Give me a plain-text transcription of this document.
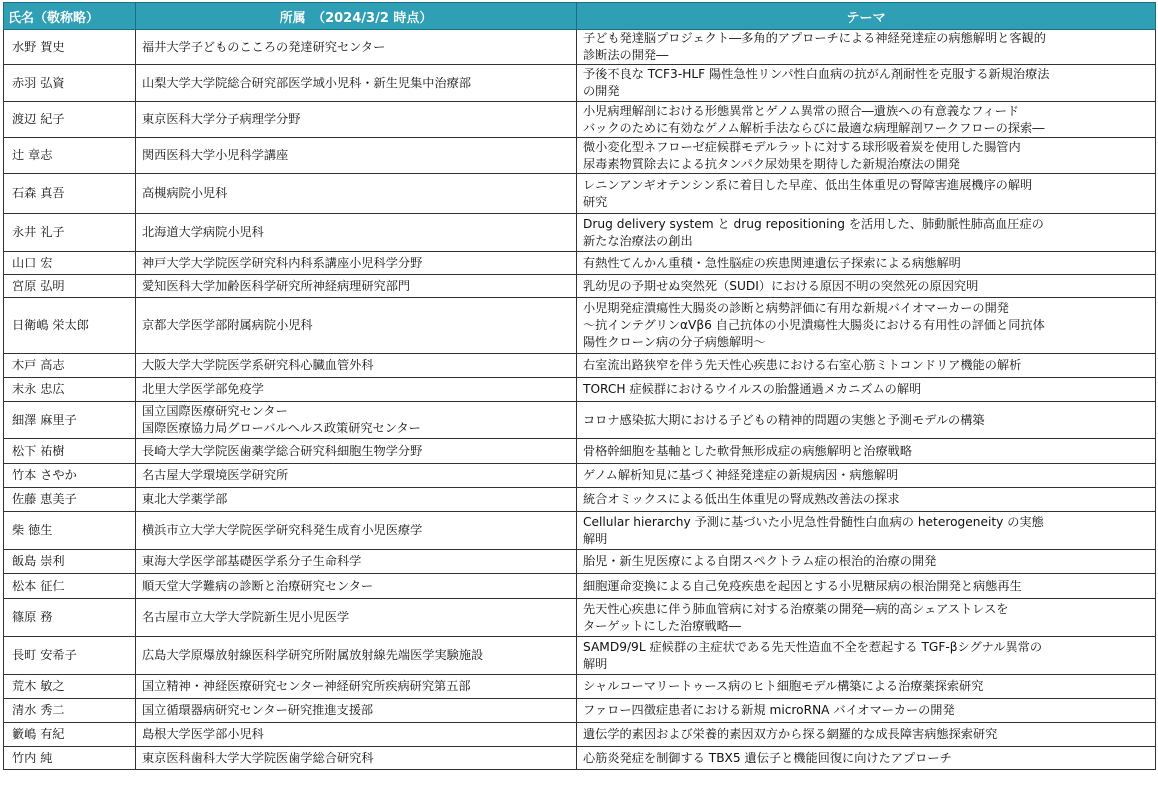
氏名（敬称略）	所属　（2024/3/2 時点）	テーマ
水野 賀史	福井大学子どものこころの発達研究センター	子ども発達脳プロジェクト―多角的アプローチによる神経発達症の病態解明と客観的
診断法の開発―

赤羽 弘資	山梨大学大学院総合研究部医学域小児科・新生児集中治療部	予後不良な TCF3-HLF 陽性急性リンパ性白血病の抗がん剤耐性を克服する新規治療法
の開発

渡辺 紀子	東京医科大学分子病理学分野	小児病理解剖における形態異常とゲノム異常の照合―遺族への有意義なフィード
バックのために有効なゲノム解析手法ならびに最適な病理解剖ワークフローの探索―

辻 章志	関西医科大学小児科学講座	微小変化型ネフローゼ症候群モデルラットに対する球形吸着炭を使用した腸管内
尿毒素物質除去による抗タンパク尿効果を期待した新規治療法の開発

石森 真吾	高槻病院小児科	レニンアンギオテンシン系に着目した早産、低出生体重児の腎障害進展機序の解明
研究

永井 礼子	北海道大学病院小児科	Drug delivery system と drug repositioning を活用した、肺動脈性肺高血圧症の
新たな治療法の創出

山口 宏	神戸大学大学院医学研究科内科系講座小児科学分野	有熱性てんかん重積・急性脳症の疾患関連遺伝子探索による病態解明

宮原 弘明	愛知医科大学加齢医科学研究所神経病理研究部門	乳幼児の予期せぬ突然死（SUDI）における原因不明の突然死の原因究明

日衛嶋 栄太郎	京都大学医学部附属病院小児科	小児期発症潰瘍性大腸炎の診断と病勢評価に有用な新規バイオマーカーの開発
～抗インテグリンαVβ6 自己抗体の小児潰瘍性大腸炎における有用性の評価と同抗体
陽性クローン病の分子病態解明～

木戸 高志	大阪大学大学院医学系研究科心臓血管外科	右室流出路狭窄を伴う先天性心疾患における右室心筋ミトコンドリア機能の解析

末永 忠広	北里大学医学部免疫学	TORCH 症候群におけるウイルスの胎盤通過メカニズムの解明

細澤 麻里子	国立国際医療研究センター
国際医療協力局グローバルヘルス政策研究センター	コロナ感染拡大期における子どもの精神的問題の実態と予測モデルの構築

松下 祐樹	長崎大学大学院医歯薬学総合研究科細胞生物学分野	骨格幹細胞を基軸とした軟骨無形成症の病態解明と治療戦略

竹本 さやか	名古屋大学環境医学研究所	ゲノム解析知見に基づく神経発達症の新規病因・病態解明

佐藤 恵美子	東北大学薬学部	統合オミックスによる低出生体重児の腎成熟改善法の探求

柴 徳生	横浜市立大学大学院医学研究科発生成育小児医療学	Cellular hierarchy 予測に基づいた小児急性骨髄性白血病の heterogeneity の実態
解明

飯島 崇利	東海大学医学部基礎医学系分子生命科学	胎児・新生児医療による自閉スペクトラム症の根治的治療の開発

松本 征仁	順天堂大学難病の診断と治療研究センター	細胞運命変換による自己免疫疾患を起因とする小児糖尿病の根治開発と病態再生

篠原 務	名古屋市立大学大学院新生児小児医学	先天性心疾患に伴う肺血管病に対する治療薬の開発―病的高シェアストレスを
ターゲットにした治療戦略―

長町 安希子	広島大学原爆放射線医科学研究所附属放射線先端医学実験施設	SAMD9/9L 症候群の主症状である先天性造血不全を惹起する TGF-βシグナル異常の
解明

荒木 敏之	国立精神・神経医療研究センター神経研究所疾病研究第五部	シャルコーマリートゥース病のヒト細胞モデル構築による治療薬探索研究

清水 秀二	国立循環器病研究センター研究推進支援部	ファロー四徴症患者における新規 microRNA バイオマーカーの開発

籔嶋 有紀	島根大学医学部小児科	遺伝学的素因および栄養的素因双方から探る網羅的な成長障害病態探索研究

竹内 純	東京医科歯科大学大学院医歯学総合研究科	心筋炎発症を制御する TBX5 遺伝子と機能回復に向けたアプローチ
